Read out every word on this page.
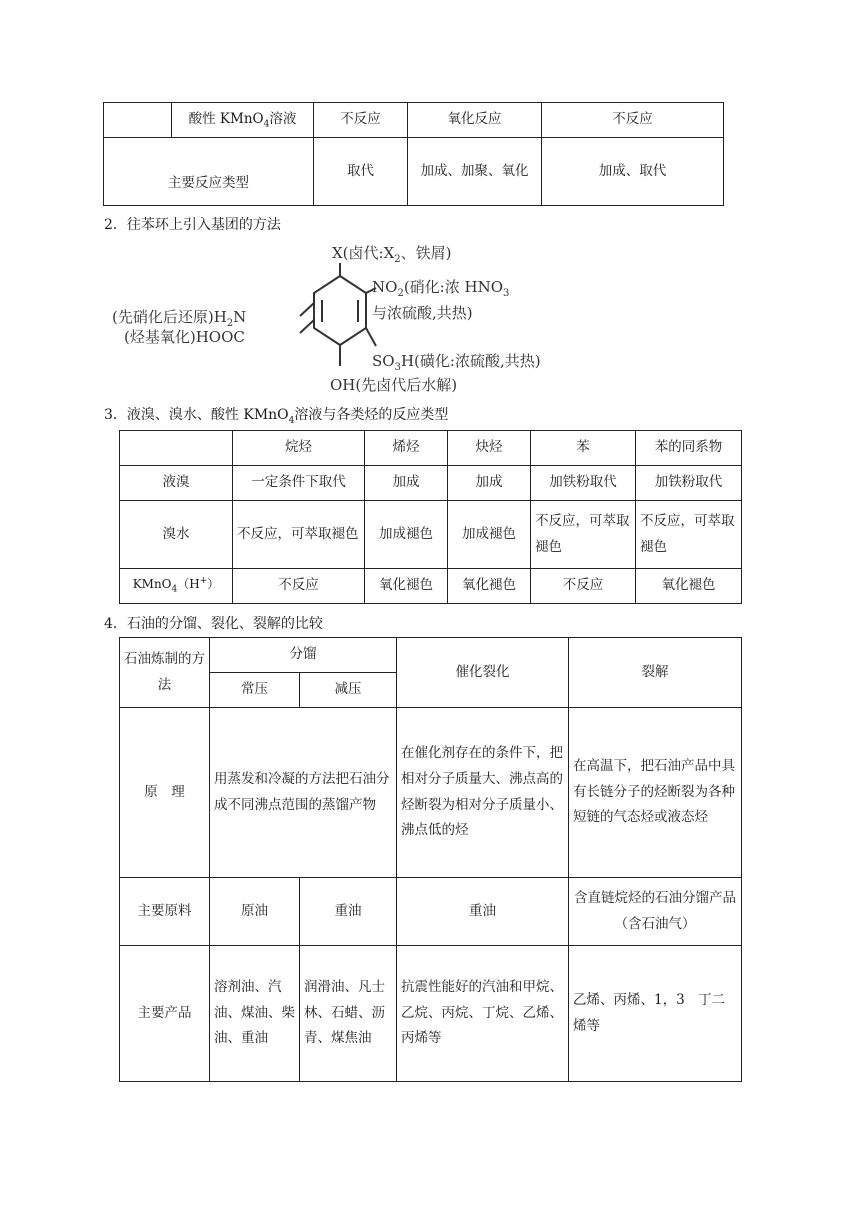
	酸性 KMnO$_4$溶液	不反应	氧化反应	不反应
主要反应类型		取代	加成、加聚、氧化	加成、取代
2．往苯环上引入基团的方法
X(卤代$:X_2$、铁屑)
$NO_2$(硝化:浓 $HNO_3$
与浓硫酸,共热)
(先硝化后还原)$H_2N$
(烃基氧化)HOOC
$SO_3H$(磺化:浓硫酸,共热)
OH(先卤代后水解)
3．液溴、溴水、酸性 KMnO$_4$溶液与各类烃的反应类型
	烷烃	烯烃	炔烃	苯	苯的同系物
液溴	一定条件下取代	加成	加成	加铁粉取代	加铁粉取代
溴水	不反应，可萃取褪色	加成褪色	加成褪色	不反应，可萃取褪色	不反应，可萃取褪色
KMnO$_4$（H+）	不反应	氧化褪色	氧化褪色	不反应	氧化褪色
4．石油的分馏、裂化、裂解的比较
石油炼制的方法	分馏		催化裂化	裂解
	常压	减压		
原　理	用蒸发和冷凝的方法把石油分成不同沸点范围的蒸馏产物		在催化剂存在的条件下，把相对分子质量大、沸点高的烃断裂为相对分子质量小、沸点低的烃	在高温下，把石油产品中具有长链分子的烃断裂为各种短链的气态烃或液态烃
主要原料	原油	重油	重油	含直链烷烃的石油分馏产品（含石油气）
主要产品	溶剂油、汽油、煤油、柴油、重油	润滑油、凡士林、石蜡、沥青、煤焦油	抗震性能好的汽油和甲烷、乙烷、丙烷、丁烷、乙烯、丙烯等	乙烯、丙烯、1，3　丁二烯等
